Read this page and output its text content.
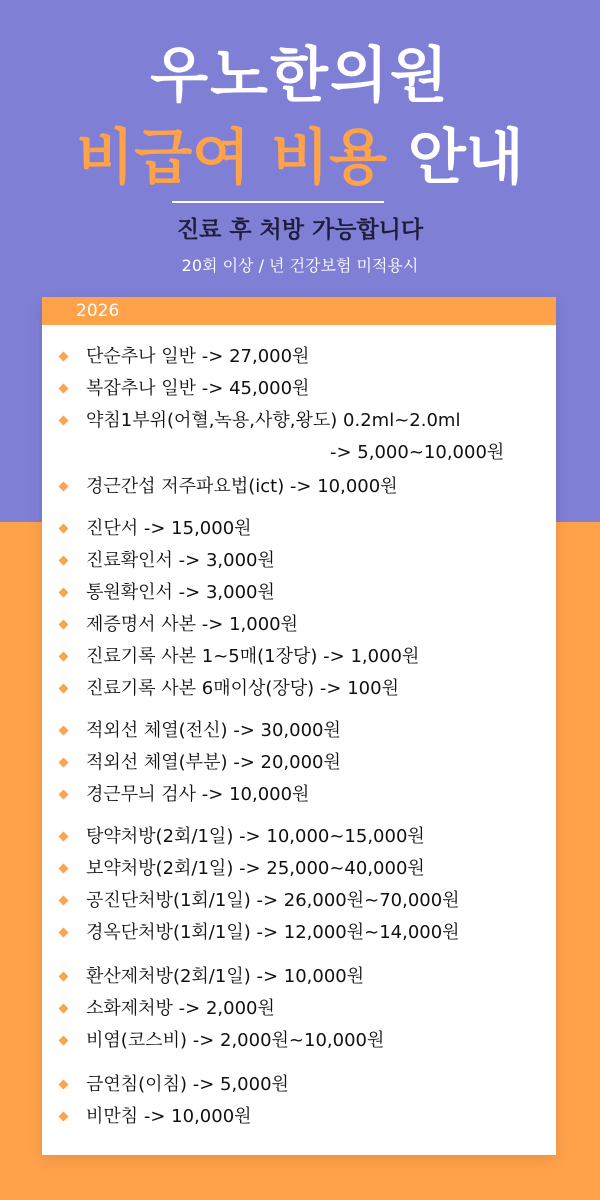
우노한의원
비급여 비용 안내
진료 후 처방 가능합니다
20회 이상 / 년 건강보험 미적용시
2026
단순추나 일반 -> 27,000원
복잡추나 일반 -> 45,000원
약침1부위(어혈,녹용,사향,왕도) 0.2ml~2.0ml
-> 5,000~10,000원
경근간섭 저주파요법(ict) -> 10,000원
진단서 -> 15,000원
진료확인서 -> 3,000원
통원확인서 -> 3,000원
제증명서 사본 -> 1,000원
진료기록 사본 1~5매(1장당) -> 1,000원
진료기록 사본 6매이상(장당) -> 100원
적외선 체열(전신) -> 30,000원
적외선 체열(부분) -> 20,000원
경근무늬 검사 -> 10,000원
탕약처방(2회/1일) -> 10,000~15,000원
보약처방(2회/1일) -> 25,000~40,000원
공진단처방(1회/1일) -> 26,000원~70,000원
경옥단처방(1회/1일) -> 12,000원~14,000원
환산제처방(2회/1일) -> 10,000원
소화제처방 -> 2,000원
비염(코스비) -> 2,000원~10,000원
금연침(이침) -> 5,000원
비만침 -> 10,000원
